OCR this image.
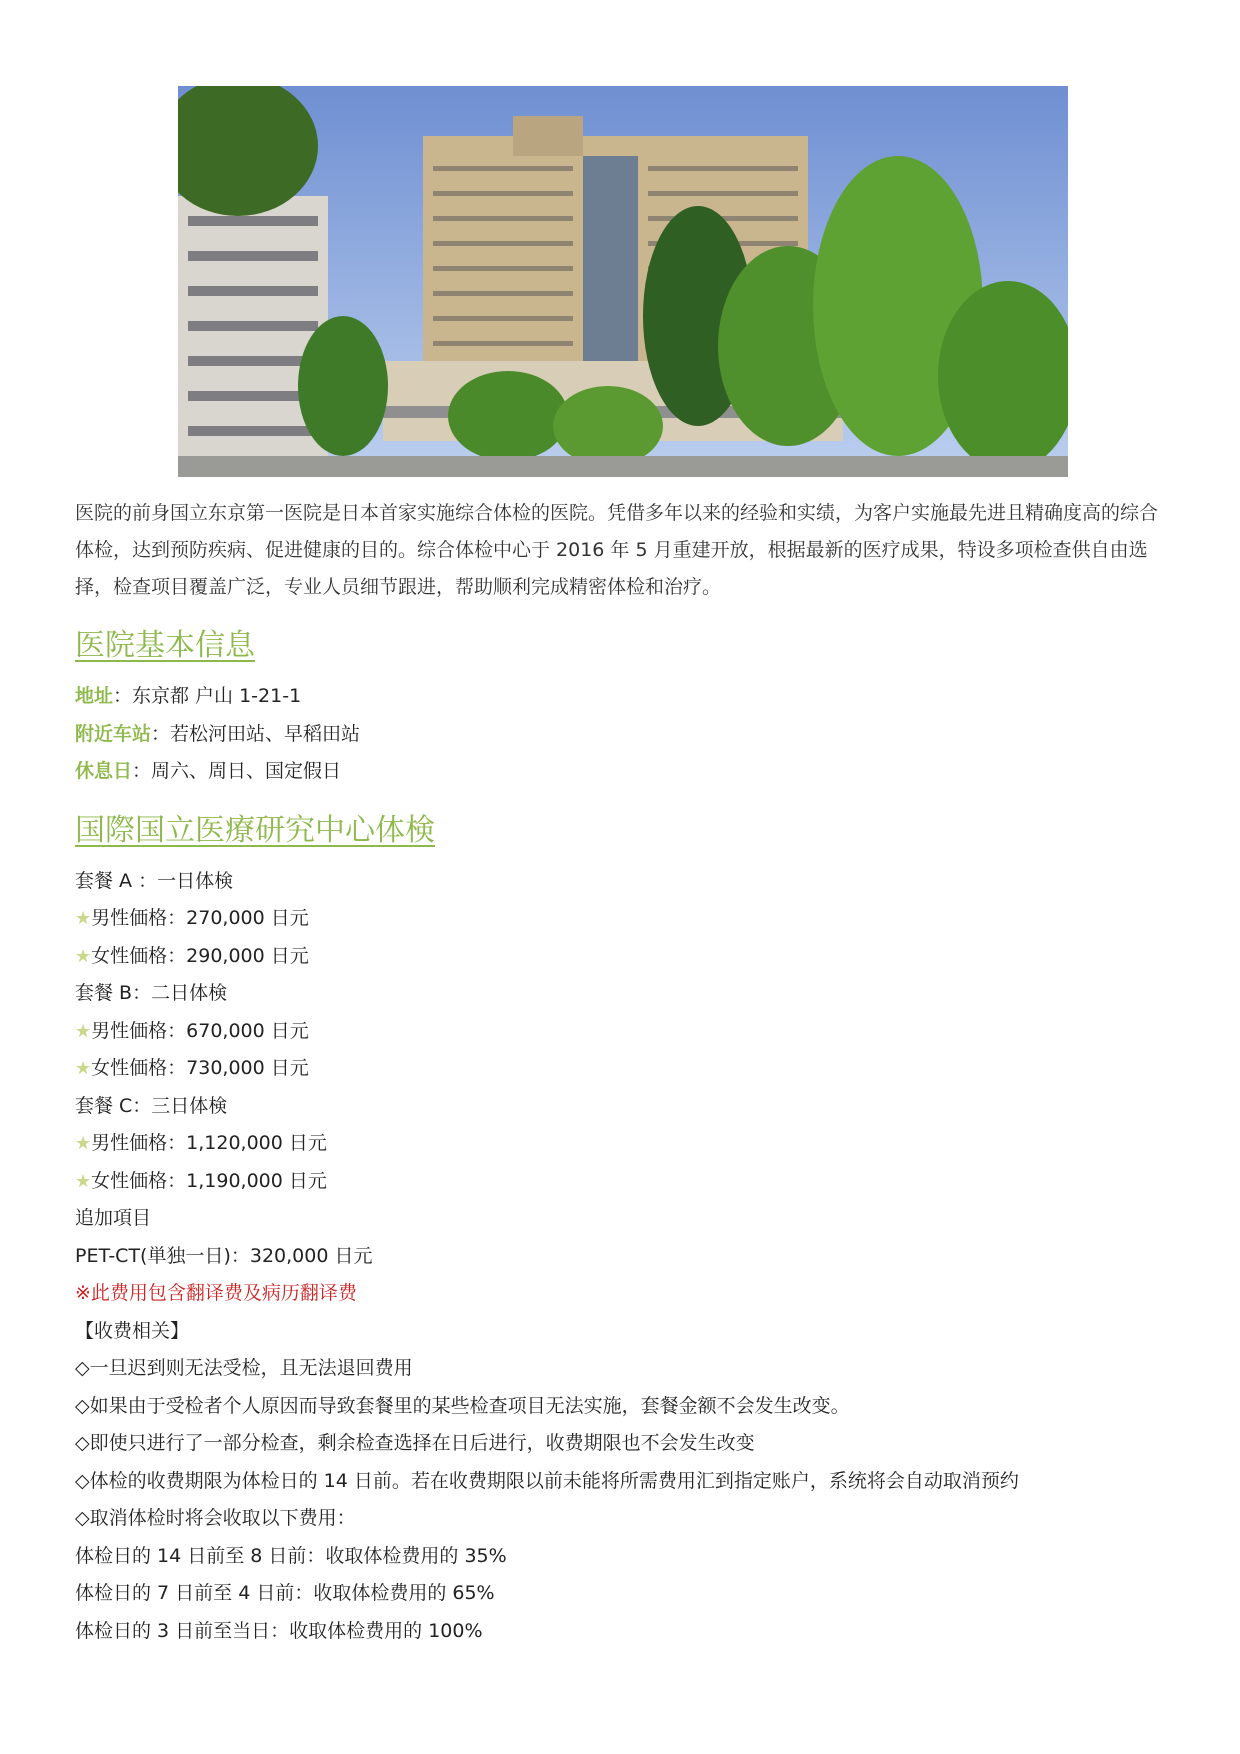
医院的前身国立东京第一医院是日本首家实施综合体检的医院。凭借多年以来的经验和实绩，为客户实施最先进且精确度高的综合体检，达到预防疾病、促进健康的目的。综合体检中心于 2016 年 5 月重建开放，根据最新的医疗成果，特设多项检查供自由选择，检查项目覆盖广泛，专业人员细节跟进，帮助顺利完成精密体检和治疗。
医院基本信息
地址：东京都 户山 1-21-1
附近车站：若松河田站、早稻田站
休息日：周六、周日、国定假日
国際国立医療研究中心体検
套餐 A ：一日体検
★男性価格：270,000 日元
★女性価格：290,000 日元
套餐 B：二日体検
★男性価格：670,000 日元
★女性価格：730,000 日元
套餐 C：三日体検
★男性価格：1,120,000 日元
★女性価格：1,190,000 日元
追加項目
PET-CT(単独一日)：320,000 日元
※此费用包含翻译费及病历翻译费
【收费相关】
◇一旦迟到则无法受检，且无法退回费用
◇如果由于受检者个人原因而导致套餐里的某些检查项目无法实施，套餐金额不会发生改变。
◇即使只进行了一部分检查，剩余检查选择在日后进行，收费期限也不会发生改变
◇体检的收费期限为体检日的 14 日前。若在收费期限以前未能将所需费用汇到指定账户，系统将会自动取消预约
◇取消体检时将会收取以下费用：
体检日的 14 日前至 8 日前：收取体检费用的 35%
体检日的 7 日前至 4 日前：收取体检费用的 65%
体检日的 3 日前至当日：收取体检费用的 100%
